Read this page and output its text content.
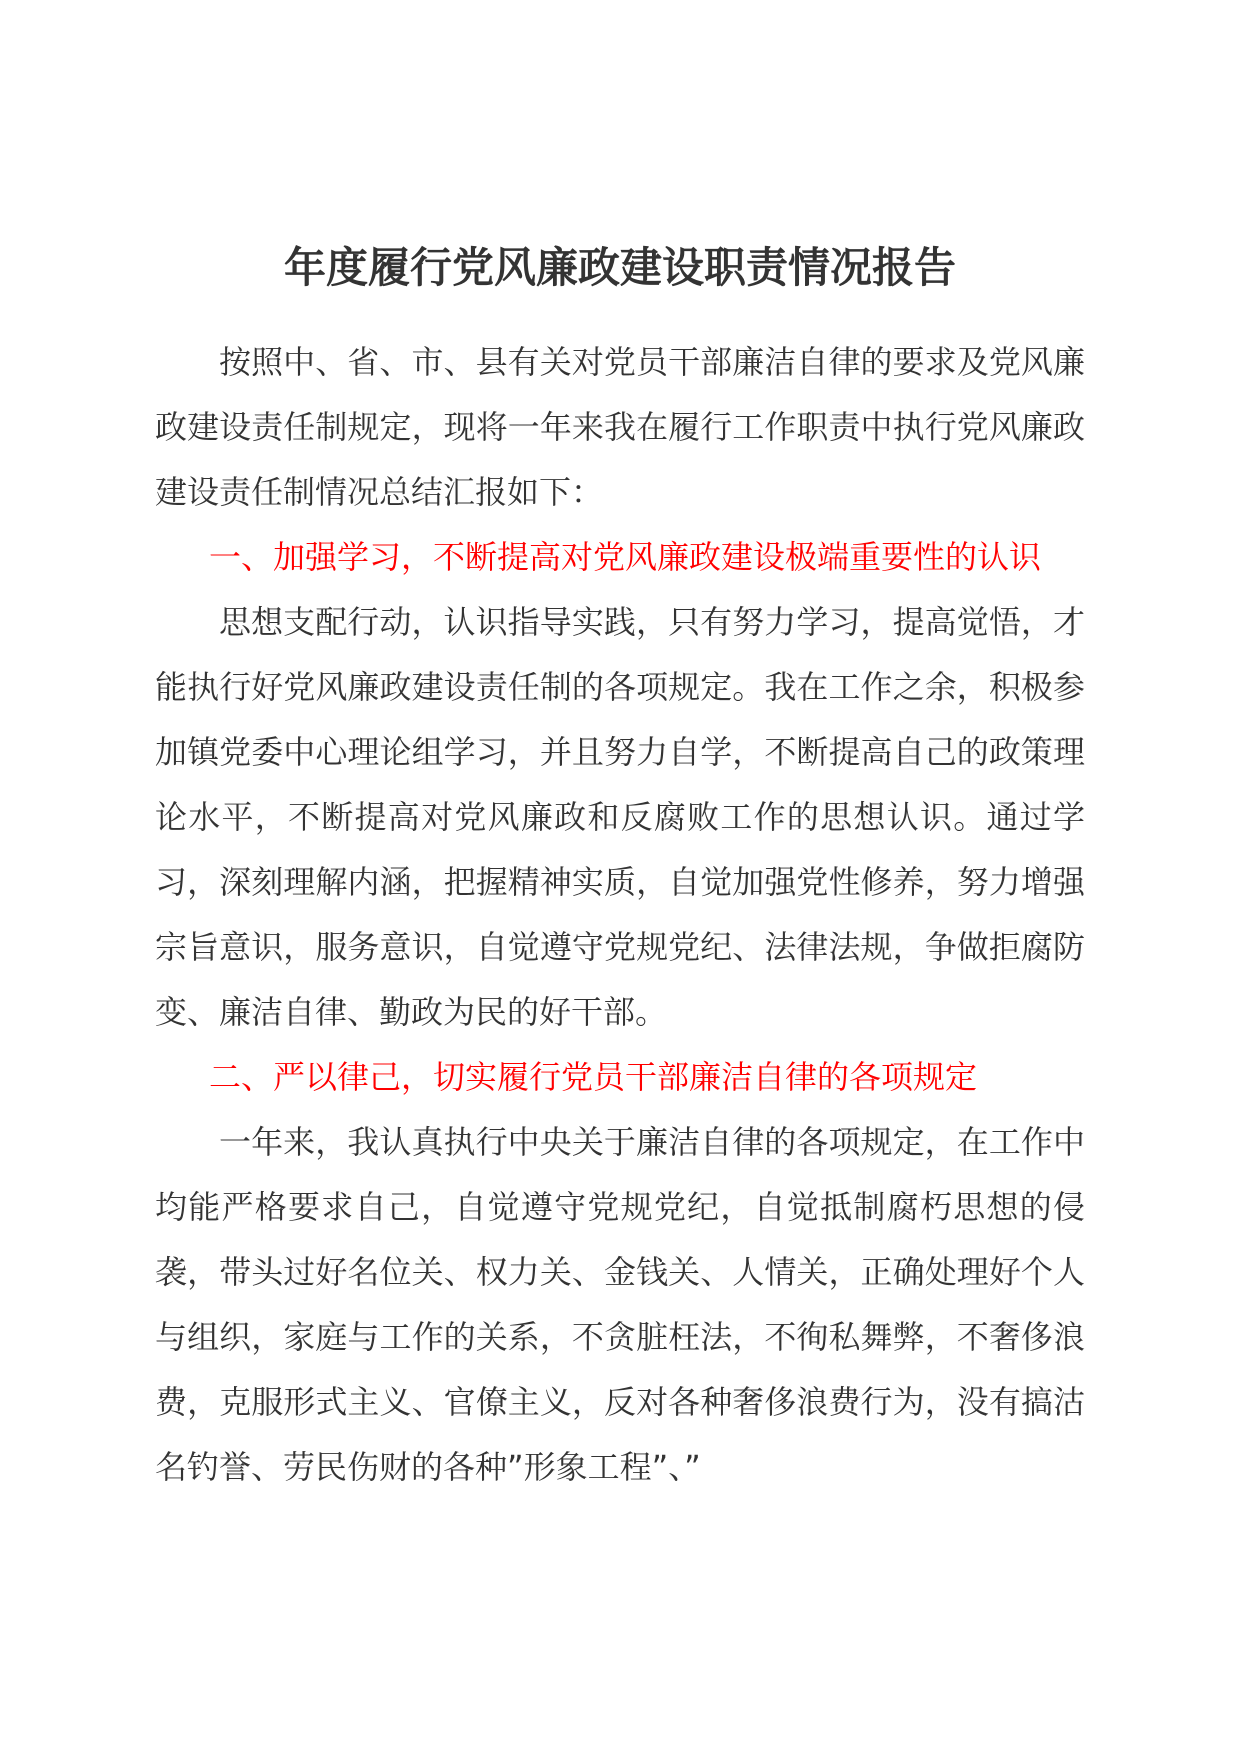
年度履行党风廉政建设职责情况报告

按照中、省、市、县有关对党员干部廉洁自律的要求及党风廉政建设责任制规定，现将一年来我在履行工作职责中执行党风廉政建设责任制情况总结汇报如下：

一、加强学习，不断提高对党风廉政建设极端重要性的认识

思想支配行动，认识指导实践，只有努力学习，提高觉悟，才能执行好党风廉政建设责任制的各项规定。我在工作之余，积极参加镇党委中心理论组学习，并且努力自学，不断提高自己的政策理论水平，不断提高对党风廉政和反腐败工作的思想认识。通过学习，深刻理解内涵，把握精神实质，自觉加强党性修养，努力增强宗旨意识，服务意识，自觉遵守党规党纪、法律法规，争做拒腐防变、廉洁自律、勤政为民的好干部。

二、严以律己，切实履行党员干部廉洁自律的各项规定

一年来，我认真执行中央关于廉洁自律的各项规定，在工作中均能严格要求自己，自觉遵守党规党纪，自觉抵制腐朽思想的侵袭，带头过好名位关、权力关、金钱关、人情关，正确处理好个人与组织，家庭与工作的关系，不贪脏枉法，不徇私舞弊，不奢侈浪费，克服形式主义、官僚主义，反对各种奢侈浪费行为，没有搞沽名钓誉、劳民伤财的各种”形象工程”、”
